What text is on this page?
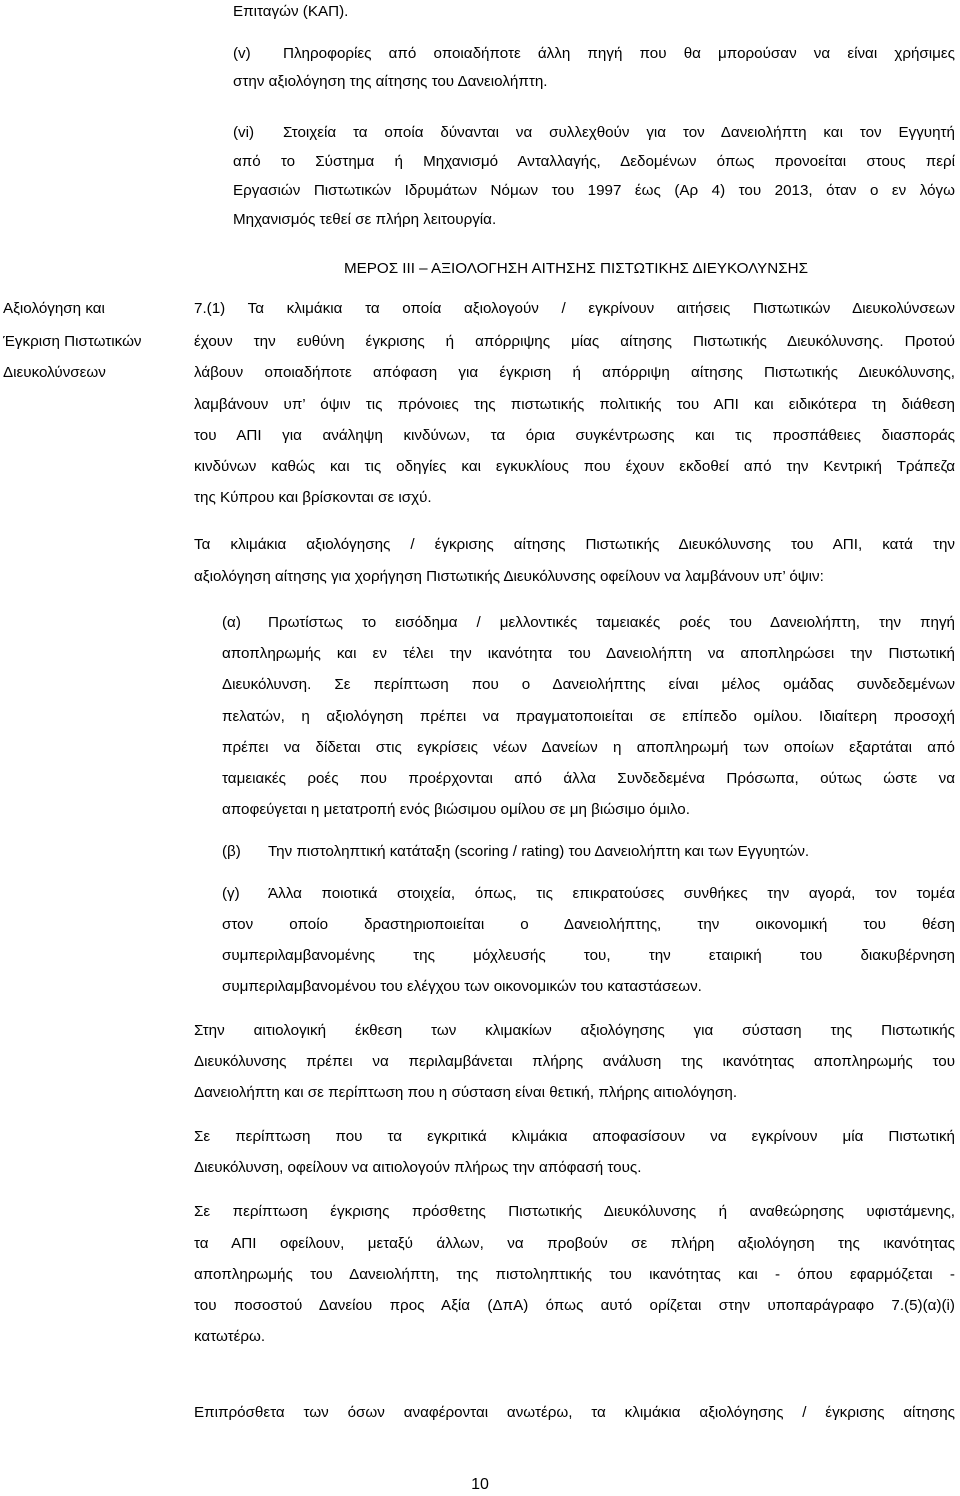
Επιταγών (ΚΑΠ).
(v) Πληροφορίες από οποιαδήποτε άλλη πηγή που θα μπορούσαν να είναι χρήσιμες
στην αξιολόγηση της αίτησης του Δανειολήπτη.
(vi) Στοιχεία τα οποία δύνανται να συλλεχθούν για τον Δανειολήπτη και τον Εγγυητή
από το Σύστημα ή Μηχανισμό Ανταλλαγής, Δεδομένων όπως προνοείται στους περί
Εργασιών Πιστωτικών Ιδρυμάτων Νόμων του 1997 έως (Αρ 4) του 2013, όταν ο εν λόγω
Μηχανισμός τεθεί σε πλήρη λειτουργία.
ΜΕΡΟΣ ΙΙΙ – ΑΞΙΟΛΟΓΗΣΗ ΑΙΤΗΣΗΣ ΠΙΣΤΩΤΙΚΗΣ ΔΙΕΥΚΟΛΥΝΣΗΣ
Αξιολόγηση και
Έγκριση Πιστωτικών
Διευκολύνσεων
7.(1) Τα κλιμάκια τα οποία αξιολογούν / εγκρίνουν αιτήσεις Πιστωτικών Διευκολύνσεων
έχουν την ευθύνη έγκρισης ή απόρριψης μίας αίτησης Πιστωτικής Διευκόλυνσης. Προτού
λάβουν οποιαδήποτε απόφαση για έγκριση ή απόρριψη αίτησης Πιστωτικής Διευκόλυνσης,
λαμβάνουν υπ’ όψιν τις πρόνοιες της πιστωτικής πολιτικής του ΑΠΙ και ειδικότερα τη διάθεση
του ΑΠΙ για ανάληψη κινδύνων, τα όρια συγκέντρωσης και τις προσπάθειες διασποράς
κινδύνων καθώς και τις οδηγίες και εγκυκλίους που έχουν εκδοθεί από την Κεντρική Τράπεζα
της Κύπρου και βρίσκονται σε ισχύ.
Τα κλιμάκια αξιολόγησης / έγκρισης αίτησης Πιστωτικής Διευκόλυνσης του ΑΠΙ, κατά την
αξιολόγηση αίτησης για χορήγηση Πιστωτικής Διευκόλυνσης οφείλουν να λαμβάνουν υπ’ όψιν:
(α) Πρωτίστως το εισόδημα / μελλοντικές ταμειακές ροές του Δανειολήπτη, την πηγή
αποπληρωμής και εν τέλει την ικανότητα του Δανειολήπτη να αποπληρώσει την Πιστωτική
Διευκόλυνση. Σε περίπτωση που ο Δανειολήπτης είναι μέλος ομάδας συνδεδεμένων
πελατών, η αξιολόγηση πρέπει να πραγματοποιείται σε επίπεδο ομίλου. Ιδιαίτερη προσοχή
πρέπει να δίδεται στις εγκρίσεις νέων Δανείων η αποπληρωμή των οποίων εξαρτάται από
ταμειακές ροές που προέρχονται από άλλα Συνδεδεμένα Πρόσωπα, ούτως ώστε να
αποφεύγεται η μετατροπή ενός βιώσιμου ομίλου σε μη βιώσιμο όμιλο.
(β) Την πιστοληπτική κατάταξη (scoring / rating) του Δανειολήπτη και των Εγγυητών.
(γ) Άλλα ποιοτικά στοιχεία, όπως, τις επικρατούσες συνθήκες την αγορά, τον τομέα
στον οποίο δραστηριοποιείται ο Δανειολήπτης, την οικονομική του θέση
συμπεριλαμβανομένης της μόχλευσής του, την εταιρική του διακυβέρνηση
συμπεριλαμβανομένου του ελέγχου των οικονομικών του καταστάσεων.
Στην αιτιολογική έκθεση των κλιμακίων αξιολόγησης για σύσταση της Πιστωτικής
Διευκόλυνσης πρέπει να περιλαμβάνεται πλήρης ανάλυση της ικανότητας αποπληρωμής του
Δανειολήπτη και σε περίπτωση που η σύσταση είναι θετική, πλήρης αιτιολόγηση.
Σε περίπτωση που τα εγκριτικά κλιμάκια αποφασίσουν να εγκρίνουν μία Πιστωτική
Διευκόλυνση, οφείλουν να αιτιολογούν πλήρως την απόφασή τους.
Σε περίπτωση έγκρισης πρόσθετης Πιστωτικής Διευκόλυνσης ή αναθεώρησης υφιστάμενης,
τα ΑΠΙ οφείλουν, μεταξύ άλλων, να προβούν σε πλήρη αξιολόγηση της ικανότητας
αποπληρωμής του Δανειολήπτη, της πιστοληπτικής του ικανότητας και - όπου εφαρμόζεται -
του ποσοστού Δανείου προς Αξία (ΔπΑ) όπως αυτό ορίζεται στην υποπαράγραφο 7.(5)(α)(i)
κατωτέρω.
Επιπρόσθετα των όσων αναφέρονται ανωτέρω, τα κλιμάκια αξιολόγησης / έγκρισης αίτησης
10
